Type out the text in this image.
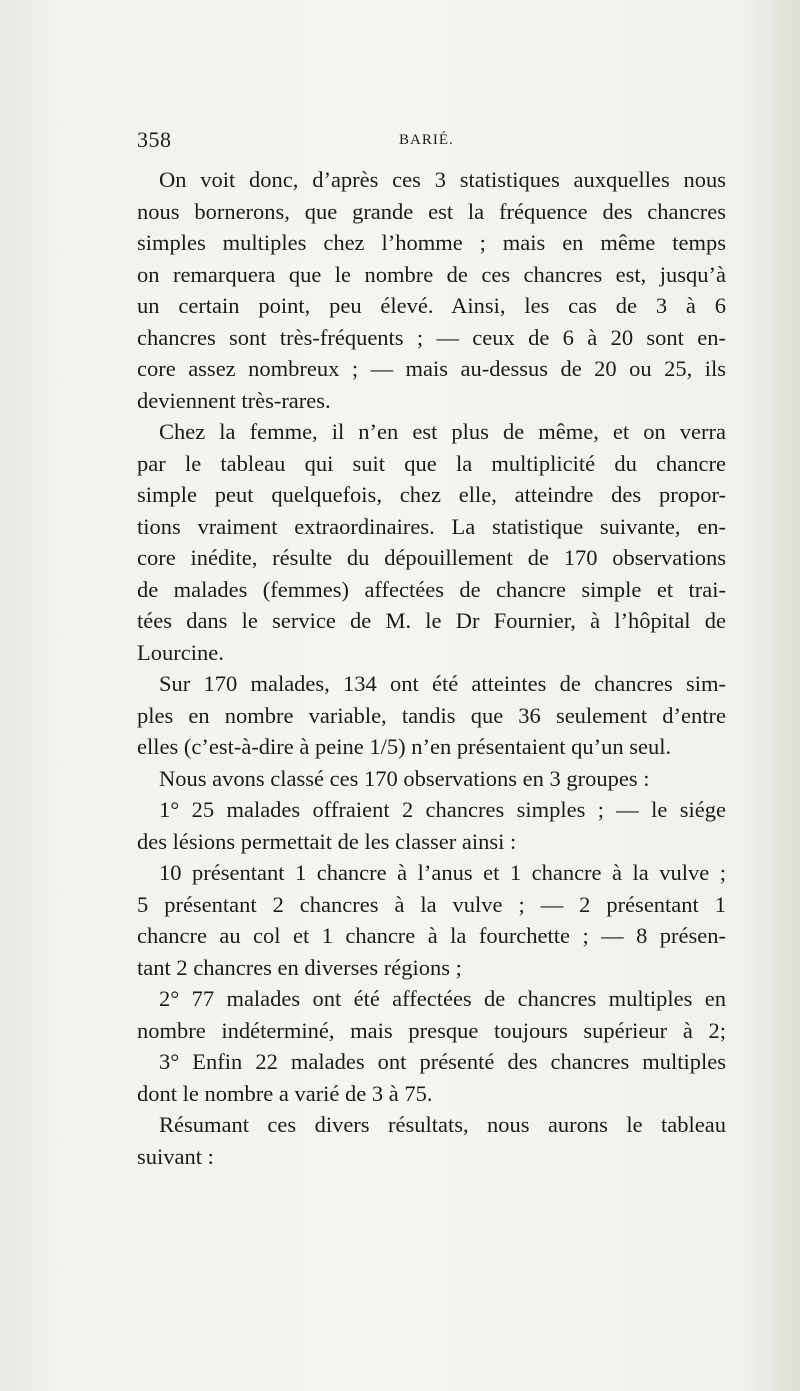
358	BARIÉ.

On voit donc, d’après ces 3 statistiques auxquelles nous
nous bornerons, que grande est la fréquence des chancres
simples multiples chez l’homme ; mais en même temps
on remarquera que le nombre de ces chancres est, jusqu’à
un certain point, peu élevé. Ainsi, les cas de 3 à 6
chancres sont très-fréquents ; — ceux de 6 à 20 sont en-
core assez nombreux ; — mais au-dessus de 20 ou 25, ils
deviennent très-rares.

Chez la femme, il n’en est plus de même, et on verra
par le tableau qui suit que la multiplicité du chancre
simple peut quelquefois, chez elle, atteindre des propor-
tions vraiment extraordinaires. La statistique suivante, en-
core inédite, résulte du dépouillement de 170 observations
de malades (femmes) affectées de chancre simple et trai-
tées dans le service de M. le Dr Fournier, à l’hôpital de
Lourcine.

Sur 170 malades, 134 ont été atteintes de chancres sim-
ples en nombre variable, tandis que 36 seulement d’entre
elles (c’est-à-dire à peine 1/5) n’en présentaient qu’un seul.

Nous avons classé ces 170 observations en 3 groupes :

1° 25 malades offraient 2 chancres simples ; — le siége
des lésions permettait de les classer ainsi :

10 présentant 1 chancre à l’anus et 1 chancre à la vulve ;
5 présentant 2 chancres à la vulve ; — 2 présentant 1
chancre au col et 1 chancre à la fourchette ; — 8 présen-
tant 2 chancres en diverses régions ;

2° 77 malades ont été affectées de chancres multiples en
nombre indéterminé, mais presque toujours supérieur à 2;

3° Enfin 22 malades ont présenté des chancres multiples
dont le nombre a varié de 3 à 75.

Résumant ces divers résultats, nous aurons le tableau
suivant :
